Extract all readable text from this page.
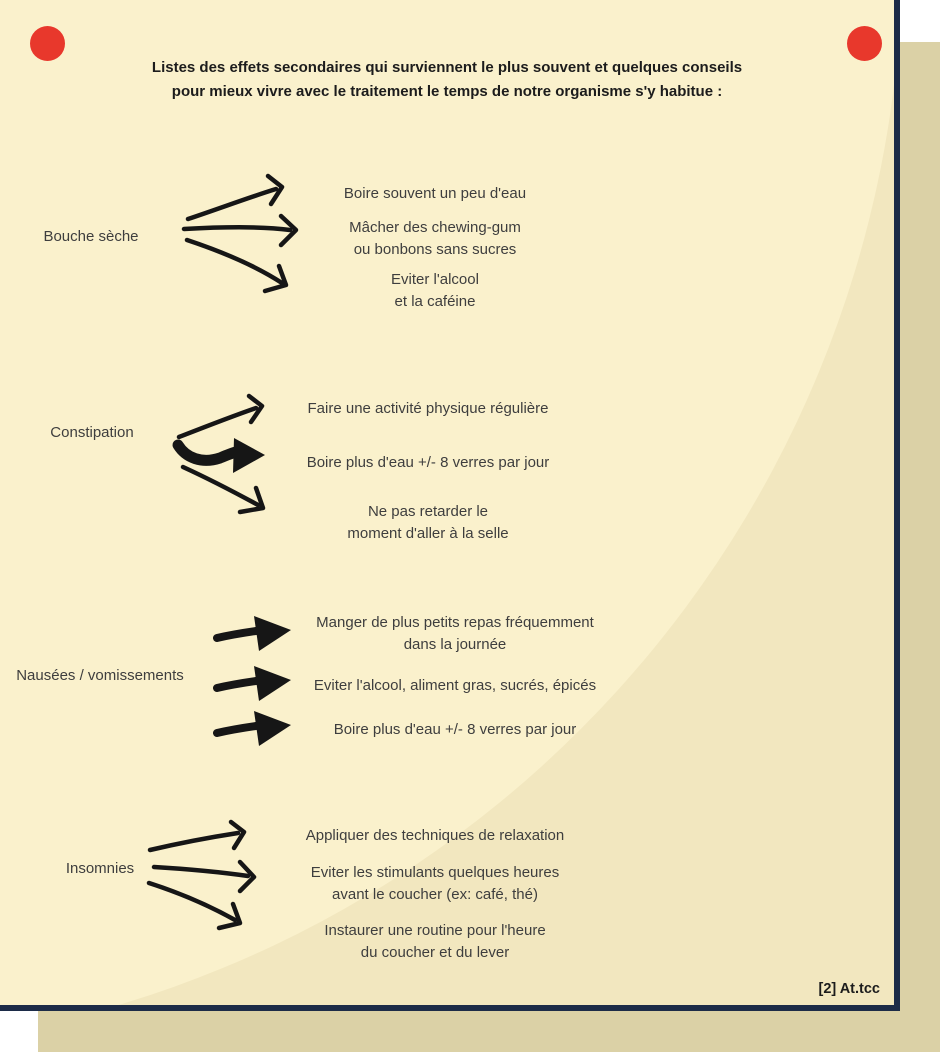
Listes des effets secondaires qui surviennent le plus souvent et quelques conseils
pour mieux vivre avec le traitement le temps de notre organisme s'y habitue :
Bouche sèche
Boire souvent un peu d'eau
Mâcher des chewing-gum
ou bonbons sans sucres
Eviter l'alcool
et la caféine
Constipation
Faire une activité physique régulière
Boire plus d'eau +/- 8 verres par jour
Ne pas retarder le
moment d'aller à la selle
Nausées / vomissements
Manger de plus petits repas fréquemment
dans la journée
Eviter l'alcool, aliment gras, sucrés, épicés
Boire plus d'eau +/- 8 verres par jour
Insomnies
Appliquer des techniques de relaxation
Eviter les stimulants quelques heures
avant le coucher (ex: café, thé)
Instaurer une routine pour l'heure
du coucher et du lever
[2] At.tcc
